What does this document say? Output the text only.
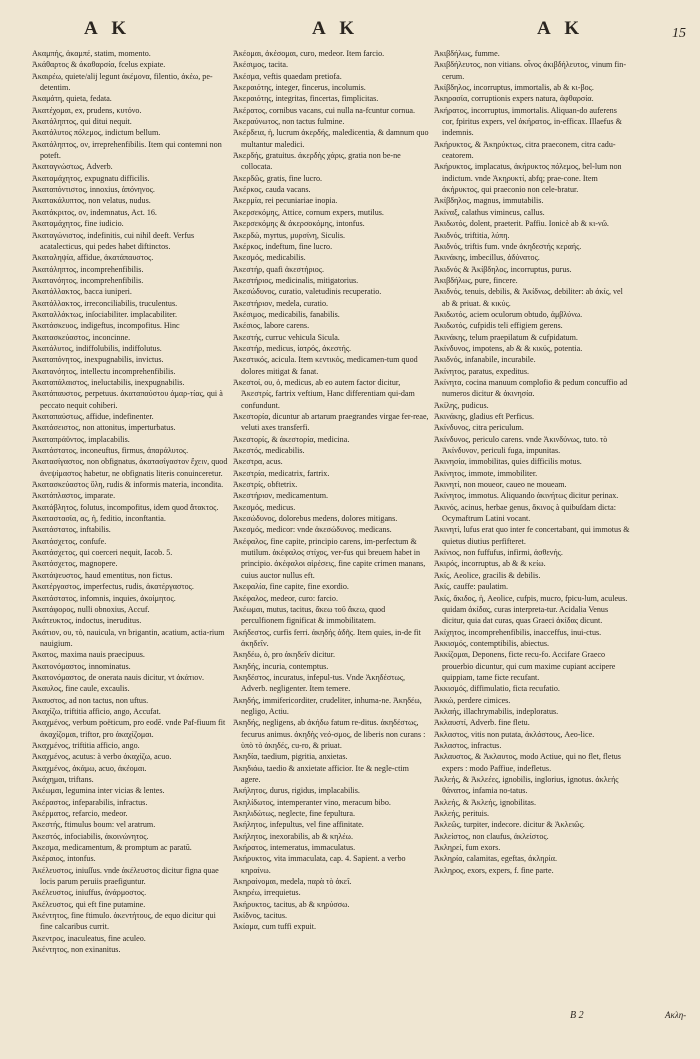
A K	A K	A K	15

Ακαμπής, ἀκαμπέ, statim, momento.

Ἀκάθαρτος & ἀκαθαρσία, fcelus expiate.

Ἀκαιρέω, quiete/alij legunt ἀκέμονα, filentio, ἀκέω, pe-detentim.

Ἀκαμάτη, quieta, fedata.

Ἀκατέχομαι, ex, prudens, κυτόνο.

Ἀκατάληπτος, qui ditui nequit.

Ἀκατάλυτος πόλεμος, indictum bellum.

Ἀκατάληπτος, ον, irreprehenfibilis. Item qui contemni non poteft.

Ἀκαταγνώστως, Adverb.

Ἀκαταμάχητος, expugnatu difficilis.

Ἀκαταπόντιστος, innoxius, ἀπόνηνος.

Ἀκατακάλυπτος, non velatus, nudus.

Ἀκατάκριτος, ον, indemnatus, Act. 16.

Ἀκαταμάχητος, fine iudicio.

Ἀκαταγώνιστος, indefinitis, cui nihil deeft. Verfus acatalecticus, qui pedes habet diftinctos.

Ἀκαταληψία, affidue, ἀκατάπαυστος.

Ἀκατάληπτος, incomprehenfibilis.

Ἀκατανόητος, incomprehenfibilis.

Ἀκατάλλακτος, bacca iuniperi.

Ἀκατάλλακτος, irreconciliabilis, truculentus.

Ἀκαταλλάκτως, inſociabiliter. implacabiliter.

Ἀκατάσκευος, indigeftus, incompofitus. Hinc

Ἀκατασκεύαστος, inconcinne.

Ἀκατάλυτος, indiffolubilis, indiffolutus.

Ἀκαταπόνητος, inexpugnabilis, invictus.

Ἀκατανόητος, intellectu incomprehenfibilis.

Ἀκαταπάλαιστος, ineluctabilis, inexpugnabilis.

Ἀκατάπαυστος, perpetuus. ἀκαταπαύστου ἁμαρ-τίας, qui à peccato nequit cohiberi.

Ἀκαταπαύστως, affidue, indefinenter.

Ἀκατάσειστος, non attonitus, imperturbatus.

Ἀκαταπράϋντος, implacabilis.

Ἀκατάστατος, inconeuftus, firmus, ἀπαράλυτος.

Ἀκατασίγαστος, non obfignatus, ἀκατασίγαστον ἔχειν, quod ἀνεψίμαστος habetur, ne obfignatis literis conuinceretur.

Ἀκατασκεύαστος ὕλη, rudis & informis materia, incondita.

Ἀκατάπλαστος, imparate.

Ἀκατάβλητος, folutus, incompofitus, idem quod ἄτακτος.

Ἀκαταστασία, ας, ἡ, feditio, inconftantia.

Ἀκατάστατος, inftabilis.

Ἀκατάσχετος, confufe.

Ἀκατάσχετος, qui coerceri nequit, Iacob. 5.

Ἀκατάσχετος, magnopere.

Ἀκατάψευστος, haud ementitus, non fictus.

Ἀκατέργαστος, imperfectus, rudis, ἀκατέργαστος.

Ἀκατάστατος, infomnis, inquies, ἀκοίμητος.

Ἀκατάφορος, nulli obnoxius, Accuf.

Ἀκάτευκτος, indoctus, ineruditus.

Ἀκάτιον, ου, τὸ, nauicula, vn brigantin, acatium, actia-rium nauigium.

Ἀκατος, maxima nauis praecipuus.

Ἀκατονόμαστος, innominatus.

Ἀκατονόμαστος, de onerata nauis dicitur, vt ἀκάτιον.

Ἀκαυλος, fine caule, excaulis.

Ἀκαυστος, ad non tactus, non uftus.

Ἀκαχίζω, triftitia afficio, ango, Accufat.

Ἀκαχμένος, verbum poëticum, pro eodē. vnde Paf-fiuum fit ἀκαχίζομαι, triftor, pro ἀκαχίζομαι.

Ἀκαχμένος, triftitia afficio, ango.

Ἀκαχμένος, acutus: à verbo ἀκαχίζω, acuo.

Ἀκαχμένος, ἀκάμω, acuo, ἀκέομαι.

Ἀκάχημαι, triftans.

Ἀκέωμαι, leguminа inter vicias & lentes.

Ἀκέραστος, infeparabilis, infractus.

Ἀκέρματος, refarcio, medeor.

Ἀκεστής, ftimulus boum: vel aratrum.

Ἀκεστός, infociabilis, ἀκοινώνητος.

Ἀκεσμα, medicamentum, & promptum ac paratū.

Ἀκέραιος, intonfus.

Ἀκέλευστος, iniuſſus. vnde ἀκέλευστος dicitur figna quae locis parum peruiis praefiguntur.

Ἀκέλευστος, iniuffus, ἀνάρμοστος.

Ἀκέλευστος, qui eft fine putamine.

Ἀκέντητος, fine ftimulo. ἀκεντήτους, de equo dicitur qui fine calcaribus currit.

Ἀκεντρος, inaculeatus, fine aculeo.

Ἀκέντητος, non exinanitus.

Ἀκέομαι, ἀκέσομαι, curo, medeor. Item farcio.

Ἀκέσιμος, tacita.

Ἀκέσμα, veftis quaedam pretiofa.

Ἀκεραιότης, integer, fincerus, incolumis.

Ἀκεραιότης, integritas, fincertas, fimplicitas.

Ἀκέρατος, cornibus vacans, cui nulla na-fcuntur cornua.

Ἀκεραύνωτος, non tactus fulmine.

Ἀκέρδεια, ἡ, lucrum ἀκερδής, maledicentia, & damnum quo multantur maledici.

Ἀκερδής, gratuitus. ἀκερδὴς χάρις, gratia non be-ne collocata.

Ἀκερδῶς, gratis, fine lucro.

Ἀκέρκος, cauda vacans.

Ἀκερμία, rei pecuniariae inopia.

Ἀκερσεκόμης, Attice, cornum expers, mutilus.

Ἀκερσεκόμης & ἀκερσοκόμης, intonfus.

Ἀκερδώ, myrtus, μυρσίνη, Siculis.

Ἀκέρκος, indeftum, fine lucro.

Ἀκεσμός, medicabilis.

Ἀκεστήρ, quafi ἀκεστήριος.

Ἀκεστήριος, medicinalis, mitigatorius.

Ἀκεσώδυνος, curatio, valetudinis recuperatio.

Ἀκεστήριον, medela, curatio.

Ἀκέσιμος, medicabilis, fanabilis.

Ἀκέσιος, labore carens.

Ἀκεστής, curruс vehicula Sicula.

Ἀκεστήρ, medicus, ἰατρός, ἀκεστής.

Ἀκεστικός, acicula. Item κεντικός, medicamen-tum quod dolores mitigat & fanat.

Ἀκεστοί, ου, ὁ, medicus, ab eo autem factor dicitur, Ἀκεστρίς, fartrix veftium, Hanc differentiam qui-dam confundunt.

Ἀκεστορία, dicuntur ab artarum praegrandes virgae fer-reae, veluti axes transferfi.

Ἀκεστορίς, & ἀκεστορία, medicina.

Ἀκεστός, medicabilis.

Ἀκεστρα, acus.

Ἀκεστρία, medicatrix, fartrix.

Ἀκεστρίς, obftetrix.

Ἀκεστήριον, medicamentum.

Ἀκεσμός, medicus.

Ἀκεσώδυνος, dolorebus medens, dolores mitigans.

Ἀκεσμός, medicor: vnde ἀκεσώδυνος. medicans.

Ἀκέφαλος, fine capite, principio carens, im-perfectum & mutilum. ἀκέφαλος στίχος, ver-fus qui breuem habet in principio. ἀκέφαλοι αἱρέσεις, fine capite crimen manans, cuius auctor nullus eft.

Ἀκεφαλία, fine capite, fine exordio.

Ἀκέφαλος, medeor, curo: farcio.

Ἀκέωμαι, mutus, tacitus, ἄκεω τοῦ ἄκεω, quod perculfionem fignificat & immobilitatem.

Ἀκήδεστος, curfis ferri. ἀκηδής ἀδῆς. Item quies, in-de fit ἀκηδεῖν.

Ἀκηδέω, ὁ, pro ἀκηδεῖν dicitur.

Ἀκηδής, incuria, contemptus.

Ἀκηδέστος, incuratus, infepul-tus. Vnde Ἀκηδέστως, Adverb. negligenter. Item temere.

Ἀκηδής, immifericorditer, crudeliter, inhuma-ne. Ἀκηδέω, negligo, Actiu.

Ἀκηδής, negligens, ab ἀκήδω fatum re-ditus. ἀκηδέστως, fecurus animus. ἀκηδὴς νεό-σμος, de liberis non curans : ὑπὸ τὸ ἀκηδές, cu-ro, & priuat.

Ἀκηδία, taedium, pigritia, anxietas.

Ἀκηδιάω, taedio & anxietate afficior. Ite & negle-ctim agere.

Ἀκήλητος, durus, rigidus, implacabilis.

Ἀκηλίδωτος, intemperanter vino, meracum bibo.

Ἀκηλιδώτως, neglecte, fine fepultura.

Ἀκήλητος, infepultus, vel fine affinitate.

Ἀκήλητος, inexorabilis, ab & κηλέω.

Ἀκήρατος, intemeratus, immaculatus.

Ἀκήρυκτος, vita immaculata, cap. 4. Sapient. a verbo κηραίνω.

Ἀκηραίνομαι, medela, παρὰ τὸ ἀκεῖ.

Ἀκηρέω, irrequietus.

Ἀκήρυκτος, tacitus, ab & κηρύσσω.

Ἀκίδνος, tacitus.

Ἀκίαμα, cum tuffi expuit.

Ἀκιβδήλως, fumme.

Ἀκιβδήλευτος, non vitians. οἶνος ἀκιβδήλευτος, vinum fin-cerum.

Ἀκίβδηλος, incorruptus, immortalis, ab & κι-βος.

Ἀκηρασία, corruptionis expers natura, ἀφθαρσία.

Ἀκήρατος, incorruptus, immortalis. Aliquan-do auferens cor, fpiritus expers, vel ἀκήρατος, in-efficax. Illaefus & indemnis.

Ἀκήρυκτος, & Ἀκηρύκτως, citra praeconem, citra cadu-ceatorem.

Ἀκήρυκτος, implacatus, ἀκήρυκτος πόλεμος, bel-lum non indictum. vnde Ἀκηρυκτί, abfq; prae-cone. Item ἀκήρυκτος, qui praeconio non cele-bratur.

Ἀκίβδηλος, magnus, immutabilis.

Ἀκίναξ, calathus viminєus, callus.

Ἀκιδωτός, dolent, praeterit. Paffiu. Ionicè ab & κι-νῶ.

Ἀκιδνός, triftitia, λύπη.

Ἀκιδνός, triftis fum. vnde ἀκηδεστής κεραής.

Ἀκινάκης, imbecillus, ἀδύνατος.

Ἀκιδνός & Ἀκίβδηλος, incorruptus, purus.

Ἀκιβδήλως, pure, fincere.

Ἀκιδνός, tenuis, debilis, & Ἀκίδνως, debiliter: ab ἀκίς, vel ab & priuat. & κικύς.

Ἀκιδωτός, aciem oculorum obtudo, ἀμβλύνω.

Ἀκιδωτός, cufpidis teli effigiem gerens.

Ἀκινάκης, telum praepilatum & cufpidatum.

Ἀκίνδυνος, impotens, ab & & κικύς, potentia.

Ἀκιδνός, infanabile, incurabile.

Ἀκίνητος, paratus, expeditus.

Ἀκίνητα, cocina manuum complofio & pedum concuffio ad numeros dicitur & ἀκινησία.

Ἀκίλης, pudicus.

Ἀκινάκης, gladius eft Perficus.

Ἀκίνδυνος, citra periculum.

Ἀκίνδυνος, periculo carens. vnde Ἀκινδύνως, tuto. τὸ Ἀκίνδυνον, periculi fuga, impunitas.

Ἀκινησία, immobilitas, quies difficilis motus.

Ἀκίνητος, immote, immobiliter.

Ἀκινητί, non moueor, caueo ne moueam.

Ἀκίνητος, immotus. Aliquando ἀκινήτως dicitur perinax.

Ἀκινός, acinus, herbae genus, ἄκινος à quibuſdam dicta: Ocymaftrum Latini vocant.

Ἀκινητί, lufus erat quo inter fe concertabant, qui immotus & quietus diutius perfifteret.

Ἀκίνιος, non fuffufus, infirmi, ἀσθενής.

Ἀκιρός, incorruptus, ab & & κείω.

Ἀκίς, Aeolice, gracilis & debilis.

Ἀκίς, cauffe: paulatim.

Ἀκίς, ἄκιδος, ἡ, Aeolice, cufpis, mucro, fpicu-lum, aculeus. quidam ἀκίδας, curas interpreta-tur. Acidalia Venus dicitur, quia dat curas, quas Graeci ἀκίδας dicunt.

Ἀκίχητος, incomprehenfibilis, inacceffus, inui-ctus.

Ἀκκισμός, contemptibilis, abiectus.

Ἀκκίζομαι, Deponens, ficte recu-fo. Accifare Graeco prouerbio dicuntur, qui cum maxime cupiant accipere quippiam, tame ficte recufant.

Ἀκκισμός, diffimulatio, ficta recufatio.

Ἀκκώ, perdere cimices.

Ἀκλαής, illachrymabilis, indeploratus.

Ἀκλαυστί, Adverb. fine fletu.

Ἀκλαστος, vitis non putata, ἀκλάστους, Aeo-lice.

Ἀκλαστος, infractus.

Ἀκλαυστος, & Ἀκλαυτος, modo Actiue, qui no flet, fletus expers : modo Paffiue, indefletus.

Ἀκλεής, & Ἀκλεέες, ignobilis, inglorius, ignotus. ἀκλεής θάνατος, infamia no-tatus.

Ἀκλεής, & Ἀκλεής, ignobilitas.

Ἀκλεής, perituis.

Ἀκλεῶς, turpiter, indecore. dicitur & Ἀκλειῶς.

Ἀκλείστος, non claufus, ἀκλείστος.

Ἀκληρεί, fum exors.

Ἀκληρία, calamitas, egeftas, ἀκληρία.

Ἀκληρος, exors, expers, f. fine parte.

B 2	Ακλη-
